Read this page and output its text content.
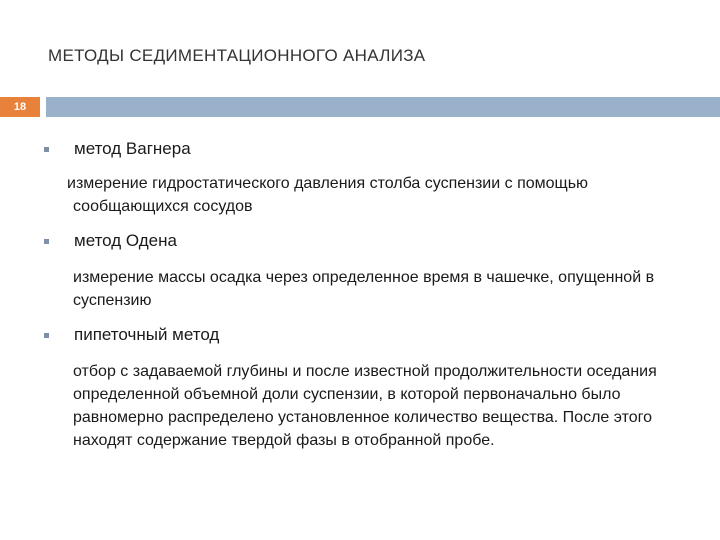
МЕТОДЫ СЕДИМЕНТАЦИОННОГО АНАЛИЗА
18
метод Вагнера
измерение гидростатического давления столба суспензии с помощью сообщающихся сосудов
метод Одена
измерение массы осадка через определенное время в чашечке, опущенной в суспензию
пипеточный метод
отбор с задаваемой глубины и после известной продолжительности оседания определенной объемной доли суспензии, в которой первоначально было равномерно распределено установленное количество вещества. После этого находят содержание твердой фазы в отобранной пробе.
